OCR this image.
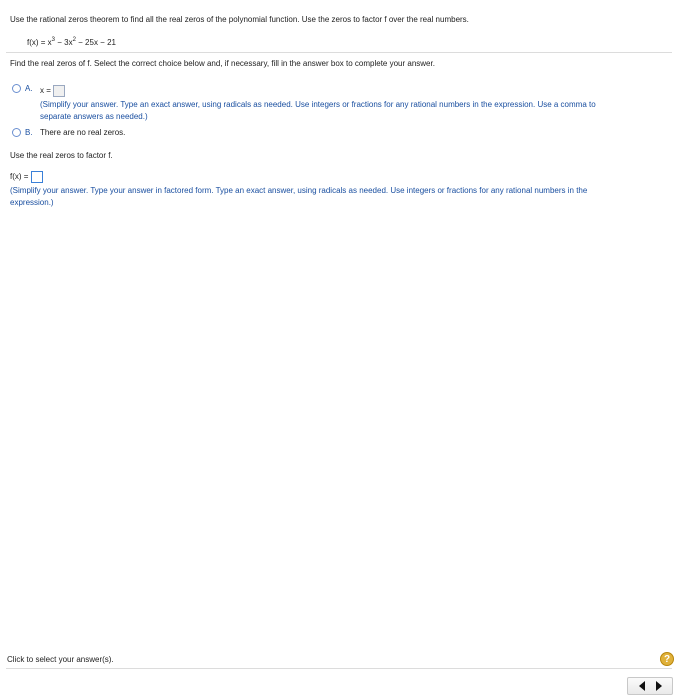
Use the rational zeros theorem to find all the real zeros of the polynomial function. Use the zeros to factor f over the real numbers.
$f(x) = x^3 - 3x^2 - 25x - 21$
Find the real zeros of f. Select the correct choice below and, if necessary, fill in the answer box to complete your answer.
A. x =
(Simplify your answer. Type an exact answer, using radicals as needed. Use integers or fractions for any rational numbers in the expression. Use a comma to
separate answers as needed.)
B. There are no real zeros.
Use the real zeros to factor f.
f(x) =
(Simplify your answer. Type your answer in factored form. Type an exact answer, using radicals as needed. Use integers or fractions for any rational numbers in the
expression.)
Click to select your answer(s).	?
